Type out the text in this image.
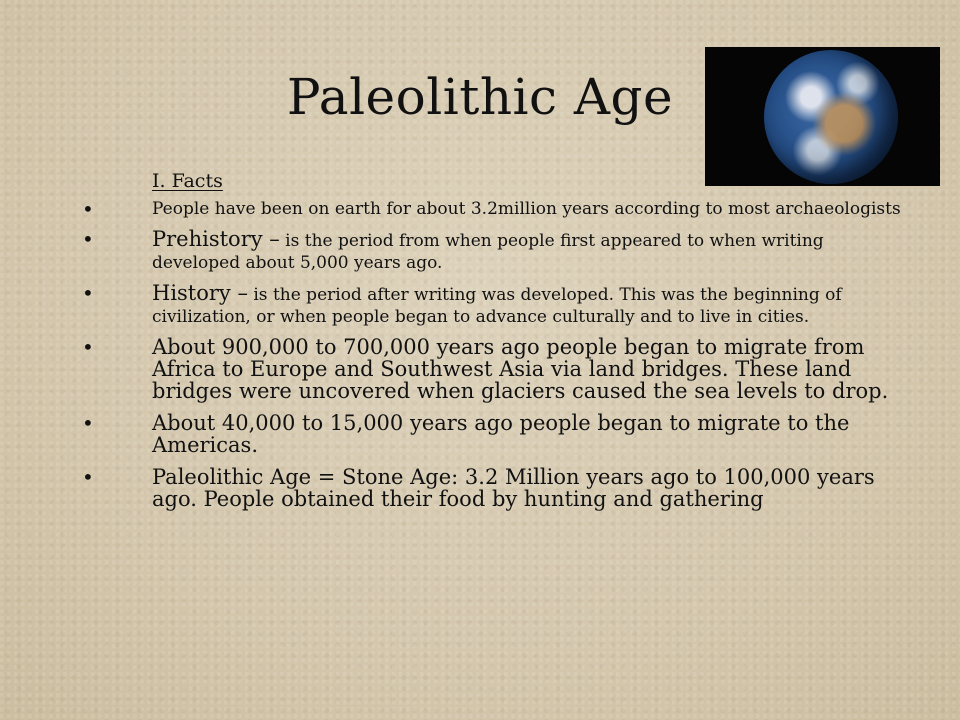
Paleolithic Age
I. Facts
•	People have been on earth for about 3.2million years according to most archaeologists
•	Prehistory – is the period from when people first appeared to when writing developed about 5,000 years ago.
•	History – is the period after writing was developed. This was the beginning of civilization, or when people began to advance culturally and to live in cities.
•	About 900,000 to 700,000 years ago people began to migrate from Africa to Europe and Southwest Asia via land bridges. These land bridges were uncovered when glaciers caused the sea levels to drop.
•	About 40,000 to 15,000 years ago people began to migrate to the Americas.
•	Paleolithic Age = Stone Age: 3.2 Million years ago to 100,000 years ago. People obtained their food by hunting and gathering
